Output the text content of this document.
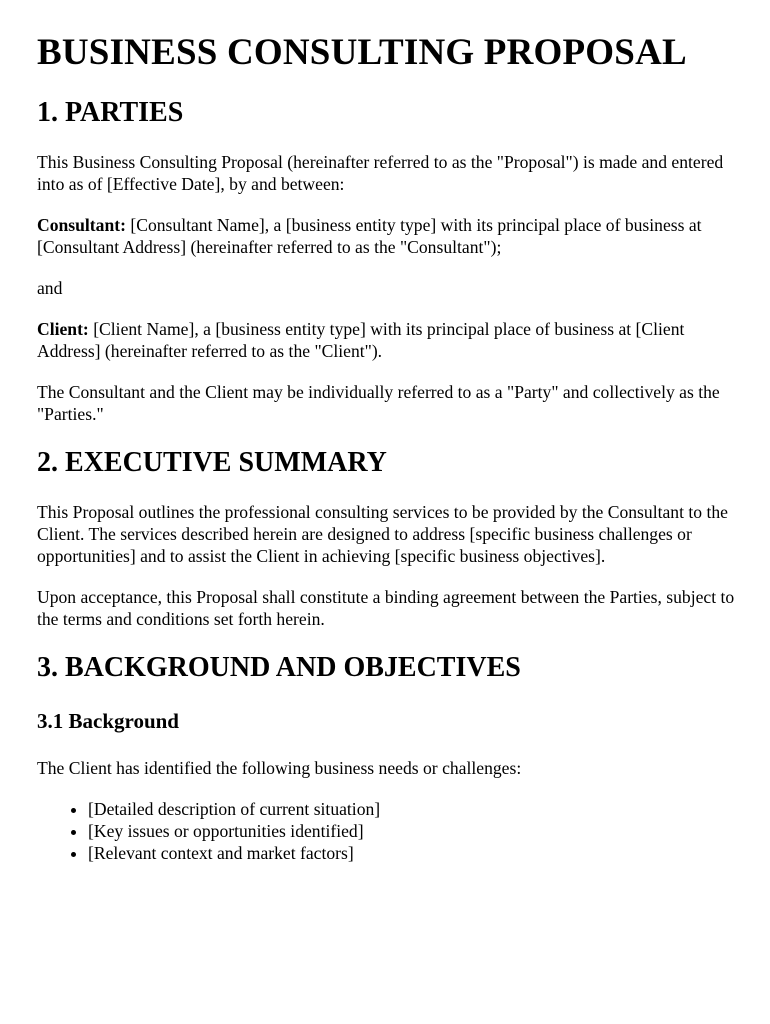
BUSINESS CONSULTING PROPOSAL
1. PARTIES

This Business Consulting Proposal (hereinafter referred to as the "Proposal") is made and entered into as of [Effective Date], by and between:

Consultant: [Consultant Name], a [business entity type] with its principal place of business at [Consultant Address] (hereinafter referred to as the "Consultant");

and

Client: [Client Name], a [business entity type] with its principal place of business at [Client Address] (hereinafter referred to as the "Client").

The Consultant and the Client may be individually referred to as a "Party" and collectively as the "Parties."

2. EXECUTIVE SUMMARY

This Proposal outlines the professional consulting services to be provided by the Consultant to the Client. The services described herein are designed to address [specific business challenges or opportunities] and to assist the Client in achieving [specific business objectives].

Upon acceptance, this Proposal shall constitute a binding agreement between the Parties, subject to the terms and conditions set forth herein.

3. BACKGROUND AND OBJECTIVES
3.1 Background

The Client has identified the following business needs or challenges:

• [Detailed description of current situation]
• [Key issues or opportunities identified]
• [Relevant context and market factors]
